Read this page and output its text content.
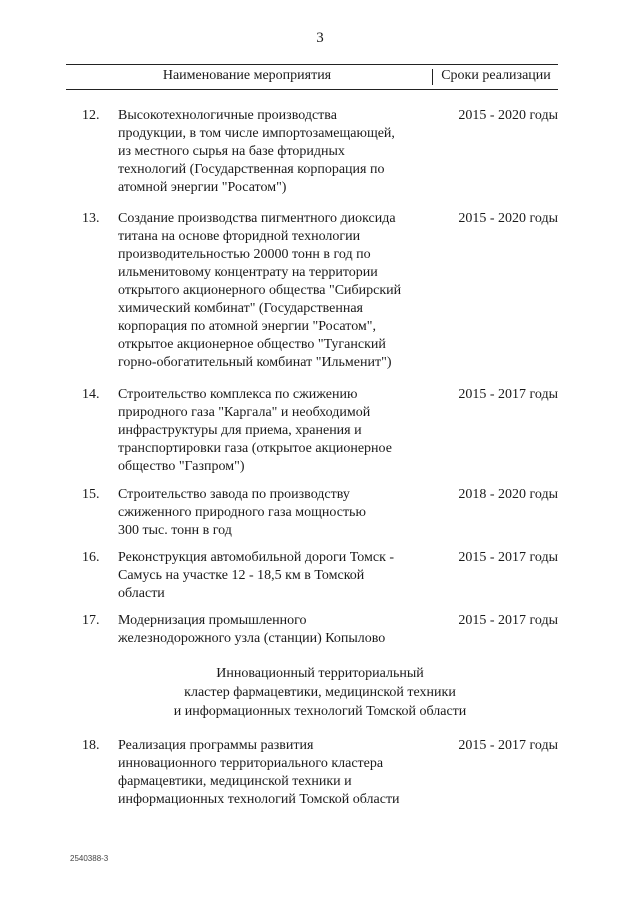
3
Наименование мероприятия	Сроки реализации
12.	Высокотехнологичные производства
продукции, в том числе импортозамещающей,
из местного сырья на базе фторидных
технологий (Государственная корпорация по
атомной энергии "Росатом")
2015 - 2020 годы
13.	Создание производства пигментного диоксида
титана на основе фторидной технологии
производительностью 20000 тонн в год по
ильменитовому концентрату на территории
открытого акционерного общества "Сибирский
химический комбинат" (Государственная
корпорация по атомной энергии "Росатом",
открытое акционерное общество "Туганский
горно-обогатительный комбинат "Ильменит")
2015 - 2020 годы
14.	Строительство комплекса по сжижению
природного газа "Каргала" и необходимой
инфраструктуры для приема, хранения и
транспортировки газа (открытое акционерное
общество "Газпром")
2015 - 2017 годы
15.	Строительство завода по производству
сжиженного природного газа мощностью
300 тыс. тонн в год
2018 - 2020 годы
16.	Реконструкция автомобильной дороги Томск -
Самусь на участке 12 - 18,5 км в Томской
области
2015 - 2017 годы
17.	Модернизация промышленного
железнодорожного узла (станции) Копылово
2015 - 2017 годы
Инновационный территориальный
кластер фармацевтики, медицинской техники
и информационных технологий Томской области
18.	Реализация программы развития
инновационного территориального кластера
фармацевтики, медицинской техники и
информационных технологий Томской области
2015 - 2017 годы
2540388-3
